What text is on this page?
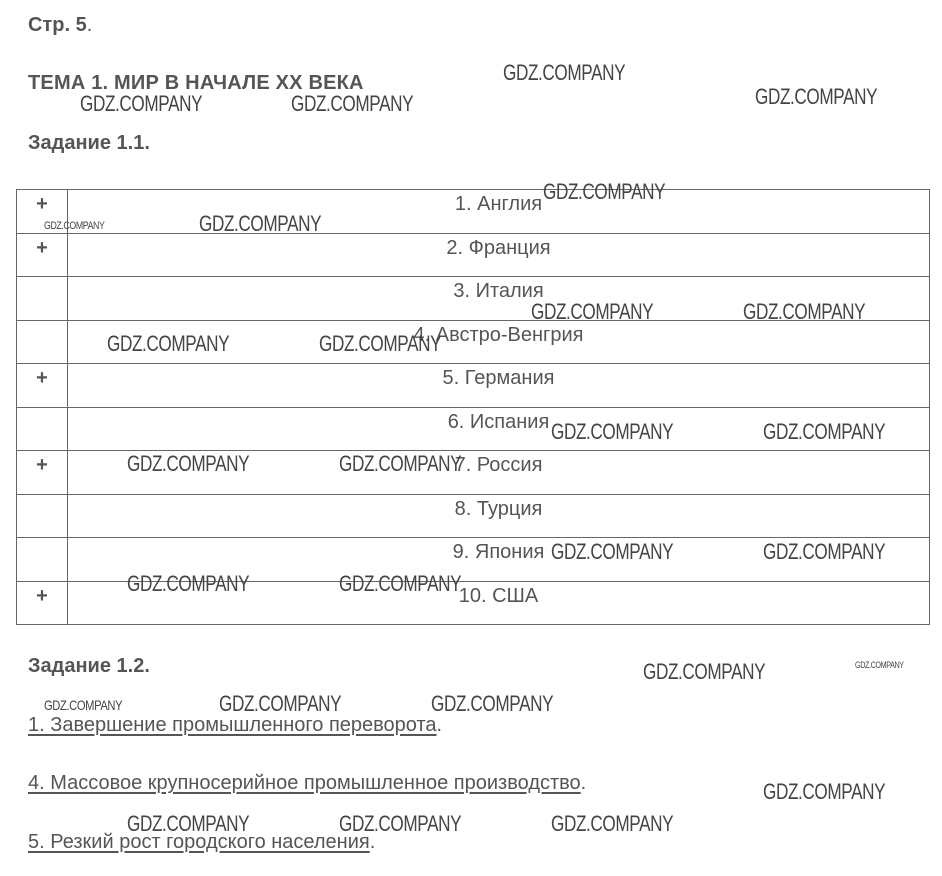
Стр. 5.
ТЕМА 1. МИР В НАЧАЛЕ XX ВЕКА
Задание 1.1.
+	1. Англия
+	2. Франция
	3. Италия
	4. Австро-Венгрия
+	5. Германия
	6. Испания
+	7. Россия
	8. Турция
	9. Япония
+	10. США
Задание 1.2.
1. Завершение промышленного переворота.
4. Массовое крупносерийное промышленное производство.
5. Резкий рост городского населения.
GDZ.COMPANY
GDZ.COMPANY
GDZ.COMPANY	GDZ.COMPANY
GDZ.COMPANY
GDZ.COMPANY	GDZ.COMPANY
GDZ.COMPANY	GDZ.COMPANY
GDZ.COMPANY	GDZ.COMPANY
GDZ.COMPANY	GDZ.COMPANY
GDZ.COMPANY	GDZ.COMPANY
GDZ.COMPANY	GDZ.COMPANY
GDZ.COMPANY	GDZ.COMPANY
GDZ.COMPANY	GDZ.COMPANY
GDZ.COMPANY	GDZ.COMPANY	GDZ.COMPANY
GDZ.COMPANY
GDZ.COMPANY	GDZ.COMPANY	GDZ.COMPANY
